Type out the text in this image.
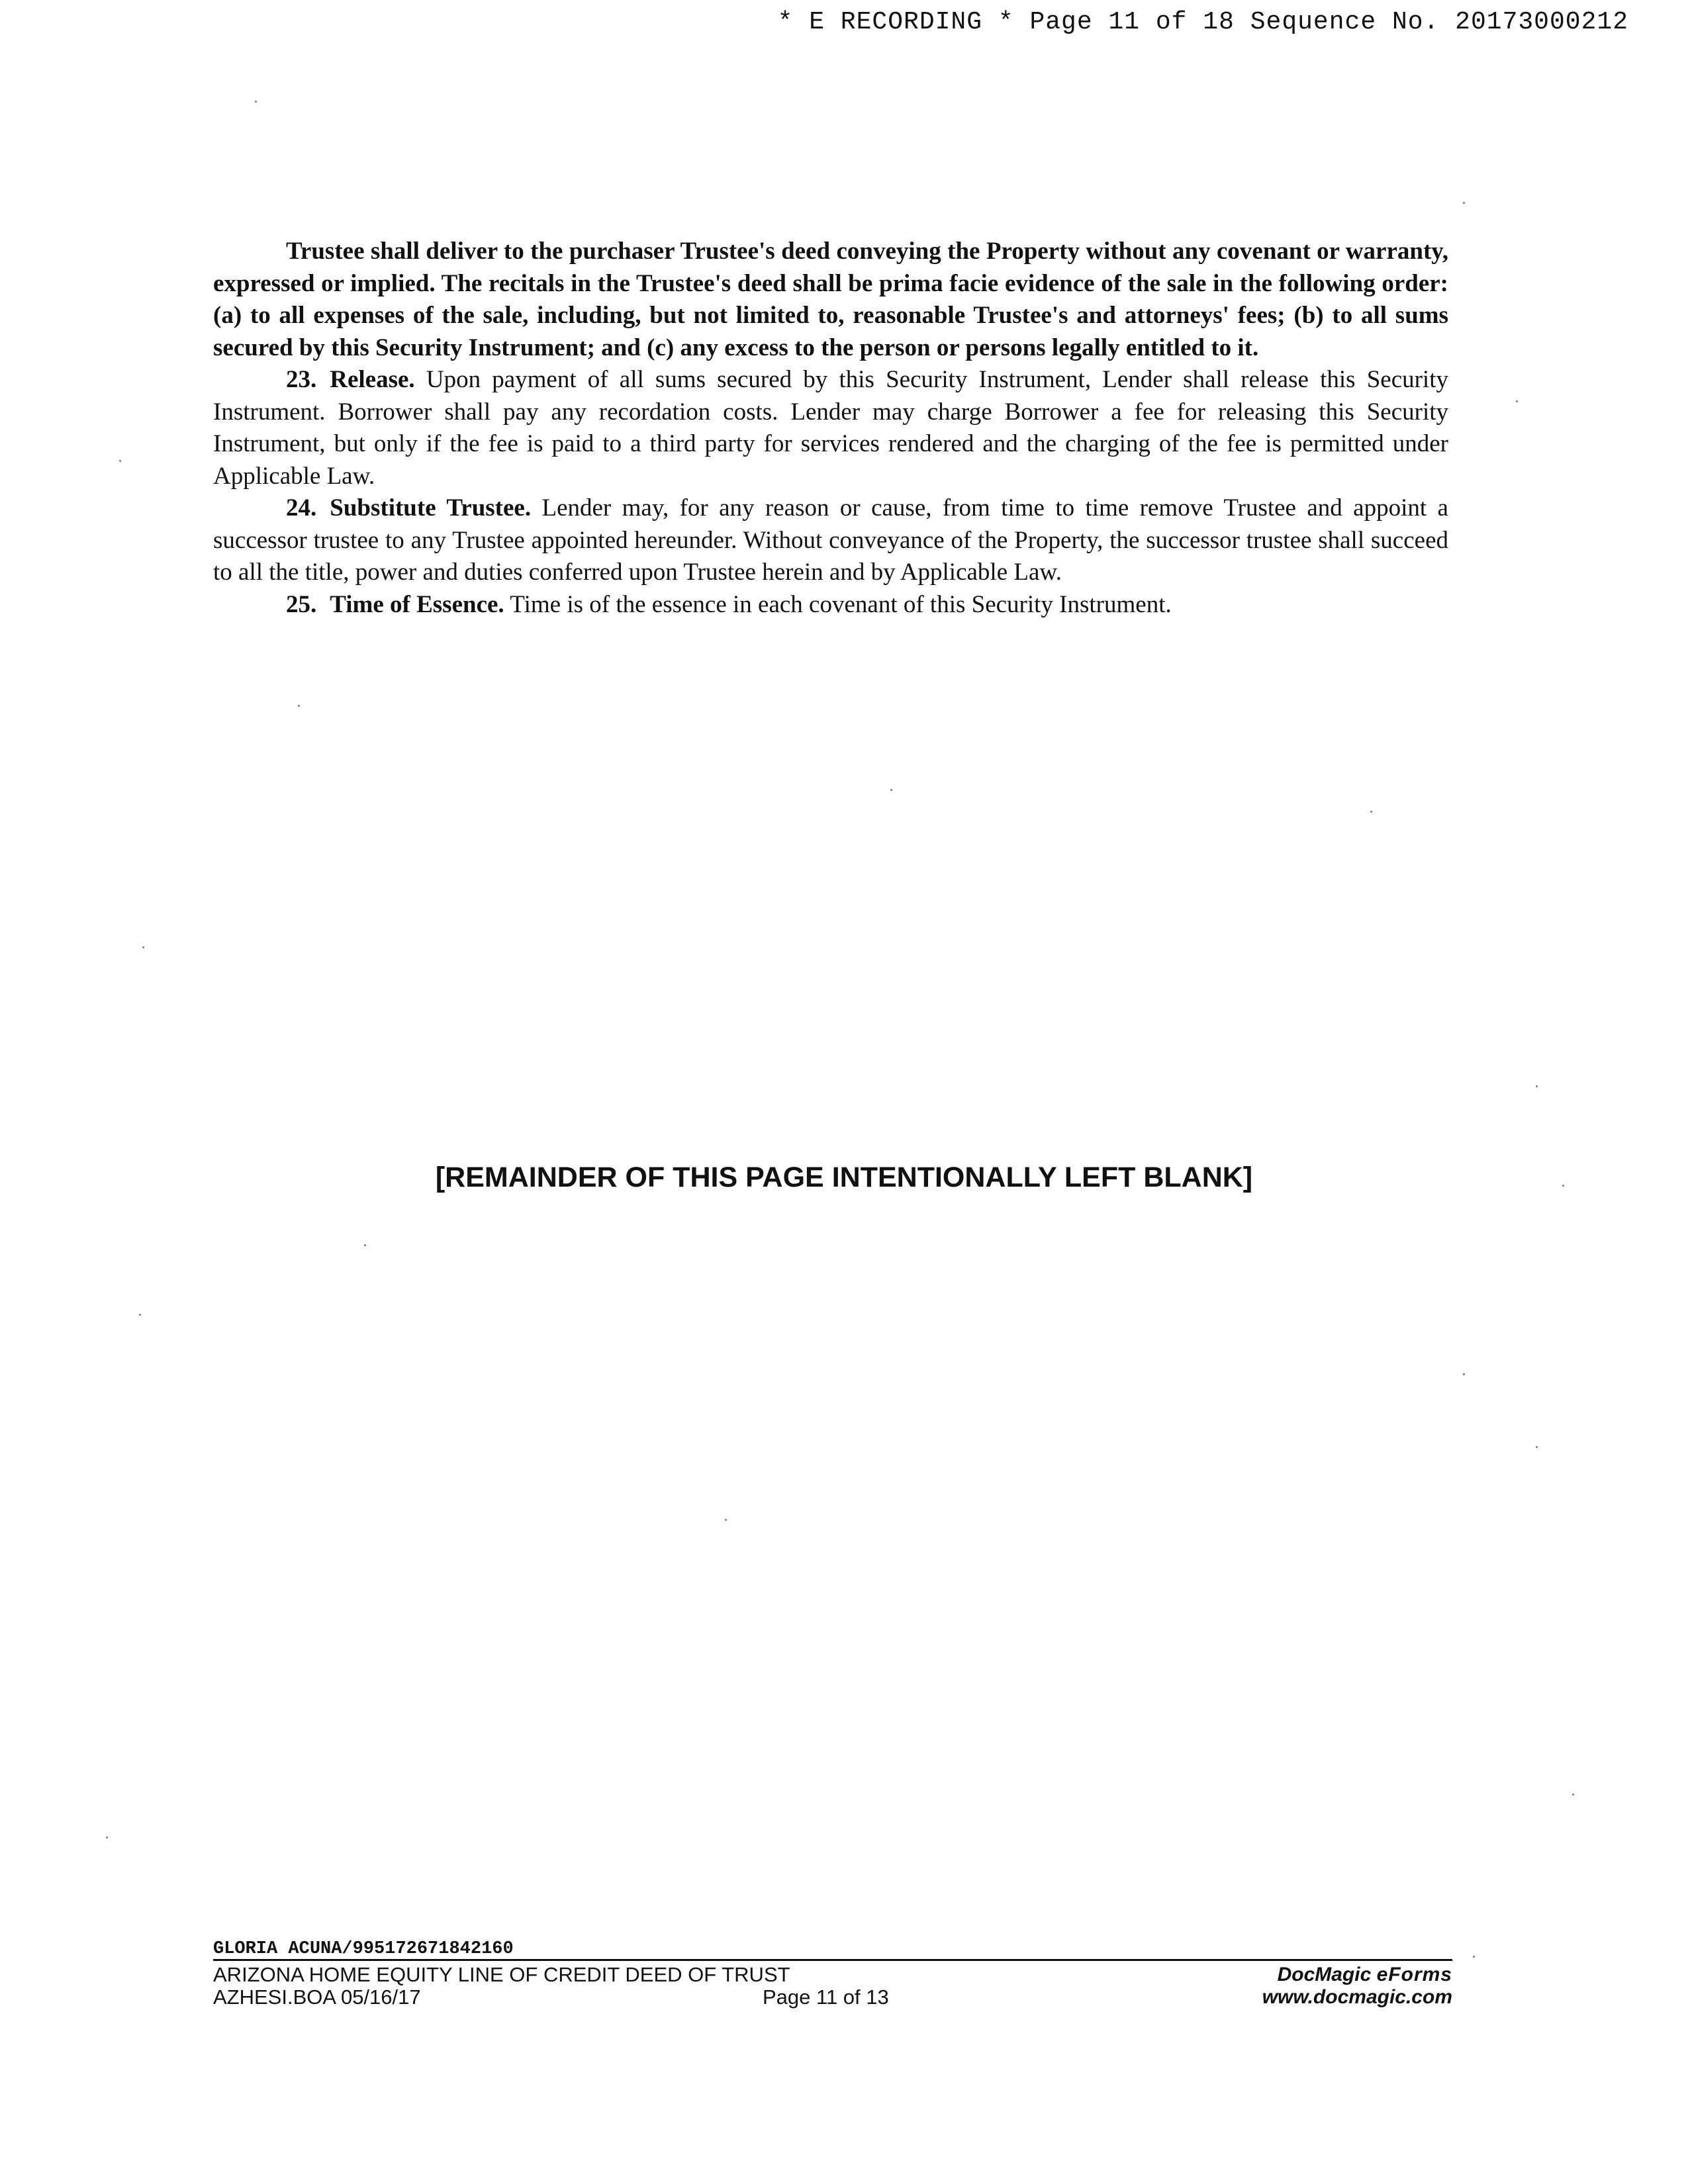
* E RECORDING * Page 11 of 18 Sequence No. 20173000212

Trustee shall deliver to the purchaser Trustee's deed conveying the Property without any covenant or warranty, expressed or implied. The recitals in the Trustee's deed shall be prima facie evidence of the sale in the following order: (a) to all expenses of the sale, including, but not limited to, reasonable Trustee's and attorneys' fees; (b) to all sums secured by this Security Instrument; and (c) any excess to the person or persons legally entitled to it.

23. Release. Upon payment of all sums secured by this Security Instrument, Lender shall release this Security Instrument. Borrower shall pay any recordation costs. Lender may charge Borrower a fee for releasing this Security Instrument, but only if the fee is paid to a third party for services rendered and the charging of the fee is permitted under Applicable Law.

24. Substitute Trustee. Lender may, for any reason or cause, from time to time remove Trustee and appoint a successor trustee to any Trustee appointed hereunder. Without conveyance of the Property, the successor trustee shall succeed to all the title, power and duties conferred upon Trustee herein and by Applicable Law.

25. Time of Essence. Time is of the essence in each covenant of this Security Instrument.

[REMAINDER OF THIS PAGE INTENTIONALLY LEFT BLANK]
GLORIA ACUNA/995172671842160
ARIZONA HOME EQUITY LINE OF CREDIT DEED OF TRUST	DocMagic eForms
AZHESI.BOA 05/16/17	Page 11 of 13	www.docmagic.com
